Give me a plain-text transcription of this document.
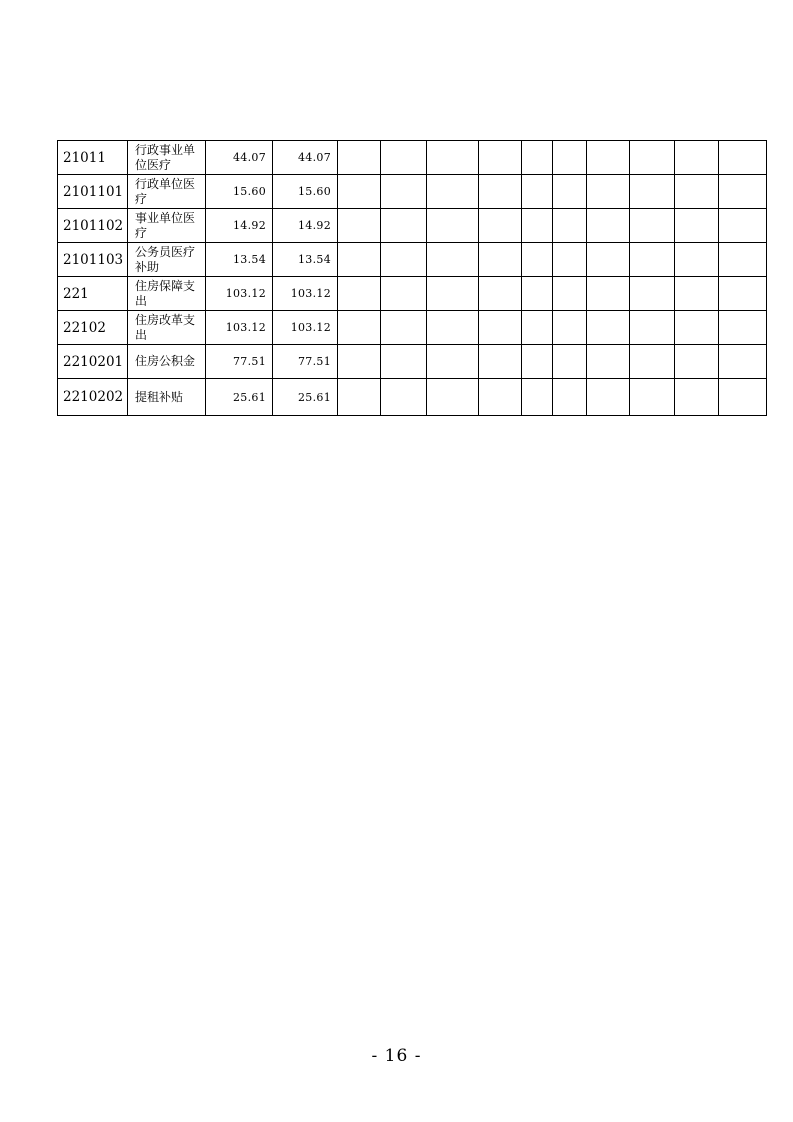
21011	行政事业单位医疗	44.07	44.07										
2101101	行政单位医疗	15.60	15.60										
2101102	事业单位医疗	14.92	14.92										
2101103	公务员医疗补助	13.54	13.54										
221	住房保障支出	103.12	103.12										
22102	住房改革支出	103.12	103.12										
2210201	住房公积金	77.51	77.51										
2210202	提租补贴	25.61	25.61										
- 16 -
